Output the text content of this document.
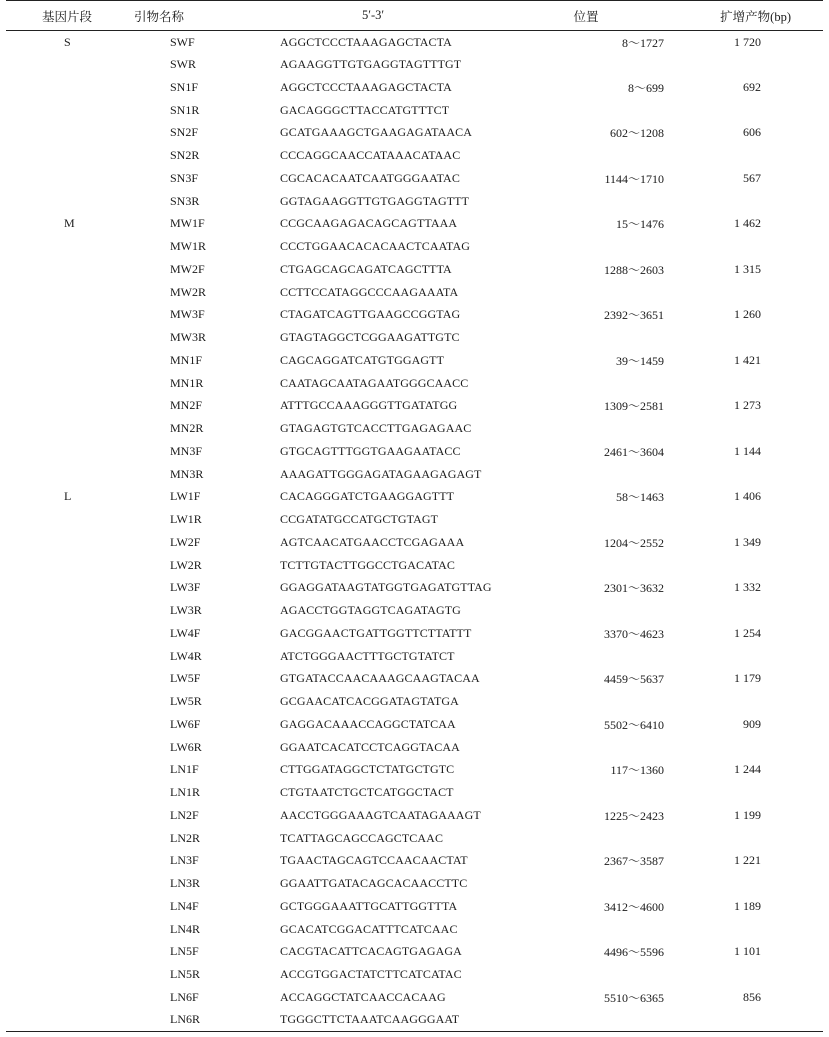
基因片段	引物名称	5′-3′	位置	扩增产物(bp)
S	SWF	AGGCTCCCTAAAGAGCTACTA	8～1727	1 720
	SWR	AGAAGGTTGTGAGGTAGTTTGT		
	SN1F	AGGCTCCCTAAAGAGCTACTA	8～699	692
	SN1R	GACAGGGCTTACCATGTTTCT		
	SN2F	GCATGAAAGCTGAAGAGATAACA	602～1208	606
	SN2R	CCCAGGCAACCATAAACATAAC		
	SN3F	CGCACACAATCAATGGGAATAC	1144～1710	567
	SN3R	GGTAGAAGGTTGTGAGGTAGTTT		
M	MW1F	CCGCAAGAGACAGCAGTTAAA	15～1476	1 462
	MW1R	CCCTGGAACACACAACTCAATAG		
	MW2F	CTGAGCAGCAGATCAGCTTTA	1288～2603	1 315
	MW2R	CCTTCCATAGGCCCAAGAAATA		
	MW3F	CTAGATCAGTTGAAGCCGGTAG	2392～3651	1 260
	MW3R	GTAGTAGGCTCGGAAGATTGTC		
	MN1F	CAGCAGGATCATGTGGAGTT	39～1459	1 421
	MN1R	CAATAGCAATAGAATGGGCAACC		
	MN2F	ATTTGCCAAAGGGTTGATATGG	1309～2581	1 273
	MN2R	GTAGAGTGTCACCTTGAGAGAAC		
	MN3F	GTGCAGTTTGGTGAAGAATACC	2461～3604	1 144
	MN3R	AAAGATTGGGAGATAGAAGAGAGT		
L	LW1F	CACAGGGATCTGAAGGAGTTT	58～1463	1 406
	LW1R	CCGATATGCCATGCTGTAGT		
	LW2F	AGTCAACATGAACCTCGAGAAA	1204～2552	1 349
	LW2R	TCTTGTACTTGGCCTGACATAC		
	LW3F	GGAGGATAAGTATGGTGAGATGTTAG	2301～3632	1 332
	LW3R	AGACCTGGTAGGTCAGATAGTG		
	LW4F	GACGGAACTGATTGGTTCTTATTT	3370～4623	1 254
	LW4R	ATCTGGGAACTTTGCTGTATCT		
	LW5F	GTGATACCAACAAAGCAAGTACAA	4459～5637	1 179
	LW5R	GCGAACATCACGGATAGTATGA		
	LW6F	GAGGACAAACCAGGCTATCAA	5502～6410	909
	LW6R	GGAATCACATCCTCAGGTACAA		
	LN1F	CTTGGATAGGCTCTATGCTGTC	117～1360	1 244
	LN1R	CTGTAATCTGCTCATGGCTACT		
	LN2F	AACCTGGGAAAGTCAATAGAAAGT	1225～2423	1 199
	LN2R	TCATTAGCAGCCAGCTCAAC		
	LN3F	TGAACTAGCAGTCCAACAACTAT	2367～3587	1 221
	LN3R	GGAATTGATACAGCACAACCTTC		
	LN4F	GCTGGGAAATTGCATTGGTTTA	3412～4600	1 189
	LN4R	GCACATCGGACATTTCATCAAC		
	LN5F	CACGTACATTCACAGTGAGAGA	4496～5596	1 101
	LN5R	ACCGTGGACTATCTTCATCATAC		
	LN6F	ACCAGGCTATCAACCACAAG	5510～6365	856
	LN6R	TGGGCTTCTAAATCAAGGGAAT		
